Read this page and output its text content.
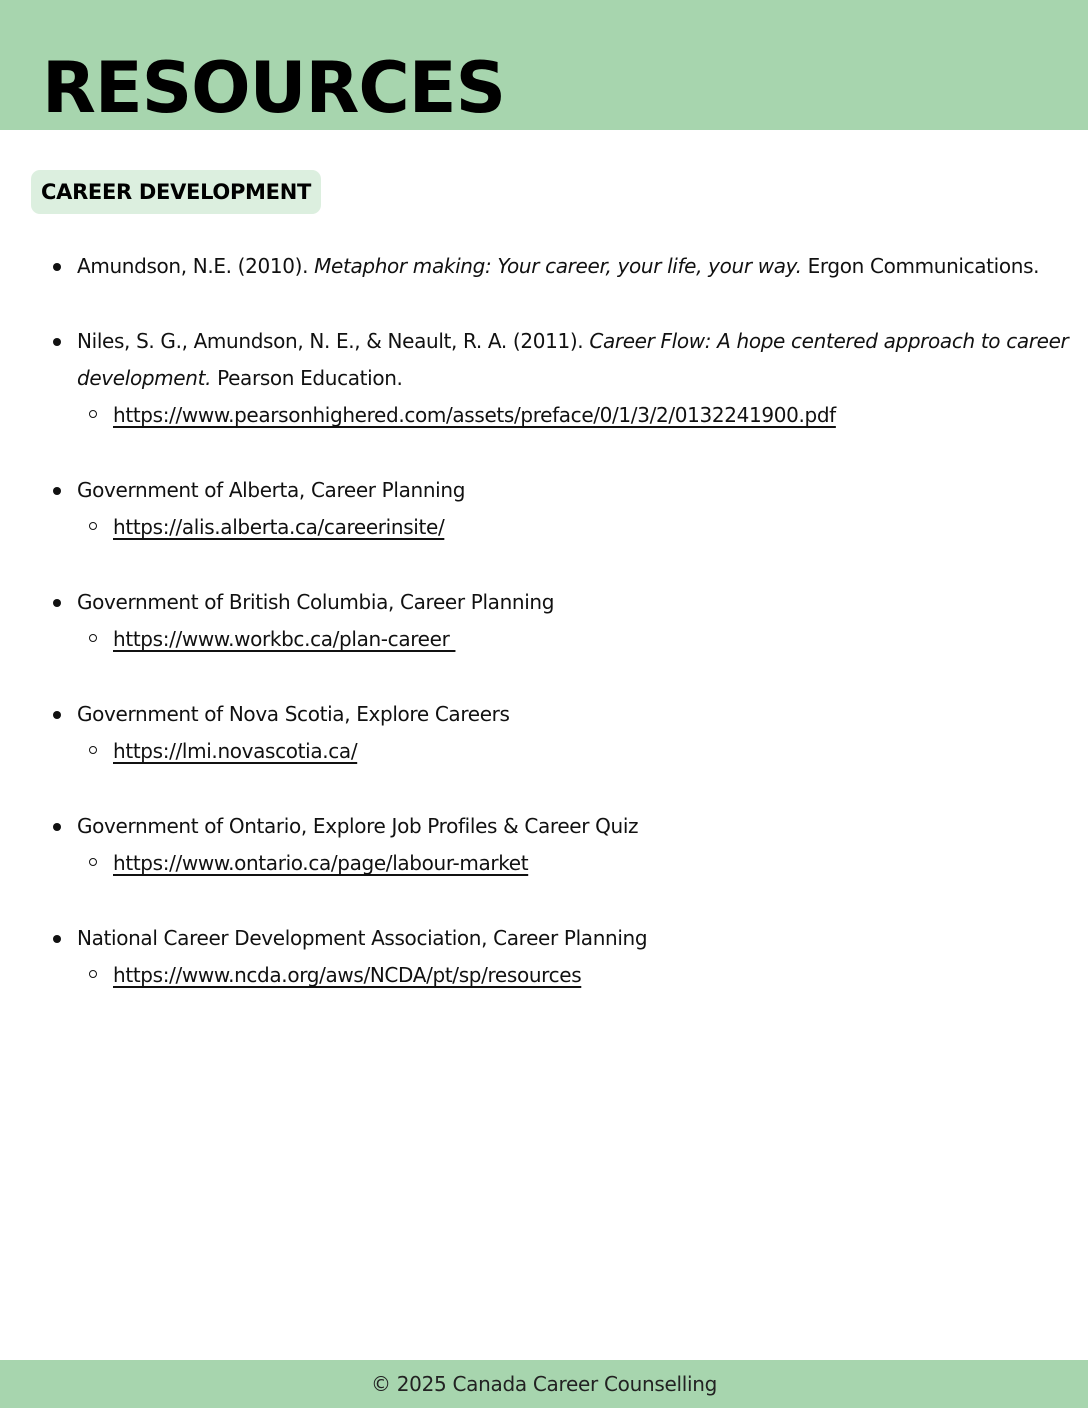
RESOURCES
CAREER DEVELOPMENT
Amundson, N.E. (2010). Metaphor making: Your career, your life, your way. Ergon Communications.
Niles, S. G., Amundson, N. E., & Neault, R. A. (2011). Career Flow: A hope centered approach to career
development. Pearson Education.
https://www.pearsonhighered.com/assets/preface/0/1/3/2/0132241900.pdf
Government of Alberta, Career Planning
https://alis.alberta.ca/careerinsite/
Government of British Columbia, Career Planning
https://www.workbc.ca/plan-career
Government of Nova Scotia, Explore Careers
https://lmi.novascotia.ca/
Government of Ontario, Explore Job Profiles & Career Quiz
https://www.ontario.ca/page/labour-market
National Career Development Association, Career Planning
https://www.ncda.org/aws/NCDA/pt/sp/resources
© 2025 Canada Career Counselling
